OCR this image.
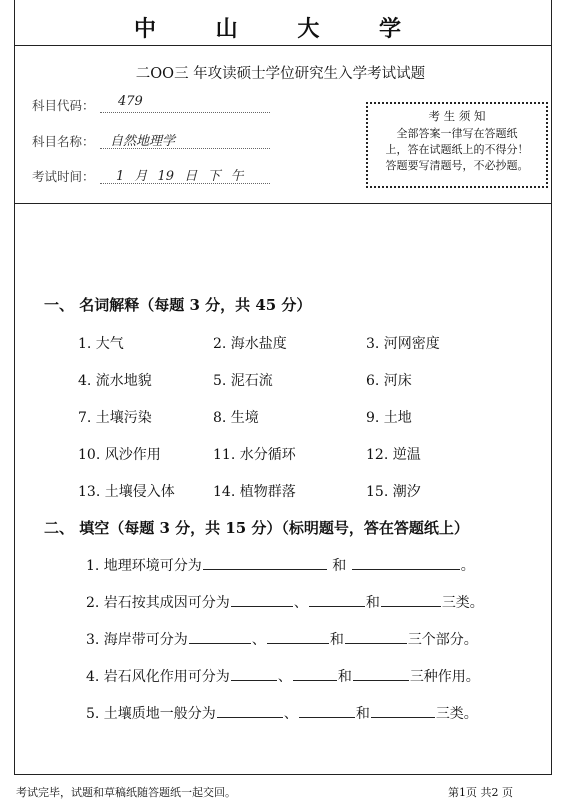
中 山 大 学
二OO三 年攻读硕士学位研究生入学考试试题
科目代码： 479
科目名称： 自然地理学
考试时间： 1 月 19 日 下 午
考 生 须 知
全部答案一律写在答题纸
上，答在试题纸上的不得分！
答题要写清题号，不必抄题。
一、 名词解释（每题 3 分，共 45 分）
1. 大气	2. 海水盐度	3. 河网密度
4. 流水地貌	5. 泥石流	6. 河床
7. 土壤污染	8. 生境	9. 土地
10. 风沙作用	11. 水分循环	12. 逆温
13. 土壤侵入体	14. 植物群落	15. 潮汐
二、 填空（每题 3 分，共 15 分）（标明题号，答在答题纸上）
1. 地理环境可分为	和	。
2. 岩石按其成因可分为	、	和	三类。
3. 海岸带可分为	、	和	三个部分。
4. 岩石风化作用可分为	、	和	三种作用。
5. 土壤质地一般分为	、	和	三类。
考试完毕，试题和草稿纸随答题纸一起交回。	第1页 共2 页
